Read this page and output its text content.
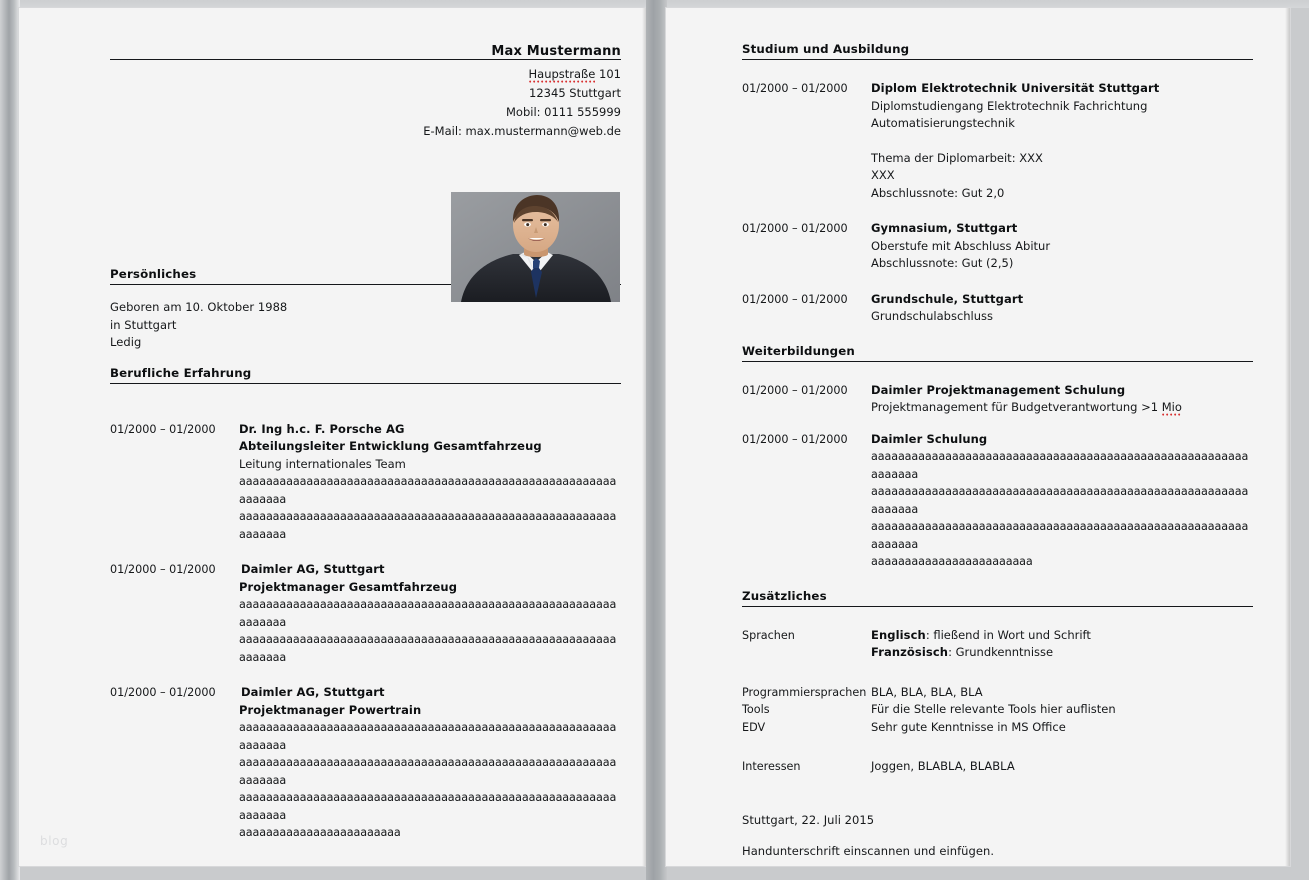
blog
Max Mustermann
Haupstraße 101
12345 Stuttgart
Mobil: 0111 555999
E-Mail: max.mustermann@web.de
Persönliches
Geboren am 10. Oktober 1988
in Stuttgart
Ledig
Berufliche Erfahrung
01/2000 – 01/2000	Dr. Ing h.c. F. Porsche AG
Abteilungsleiter Entwicklung Gesamtfahrzeug
Leitung internationales Team
aaaaaaaaaaaaaaaaaaaaaaaaaaaaaaaaaaaaaaaaaaaaaaaaaaaaaaaaaaaaaaa
aaaaaaaaaaaaaaaaaaaaaaaaaaaaaaaaaaaaaaaaaaaaaaaaaaaaaaaaaaaaaaa
01/2000 – 01/2000	Daimler AG, Stuttgart
Projektmanager Gesamtfahrzeug
aaaaaaaaaaaaaaaaaaaaaaaaaaaaaaaaaaaaaaaaaaaaaaaaaaaaaaaaaaaaaaa
aaaaaaaaaaaaaaaaaaaaaaaaaaaaaaaaaaaaaaaaaaaaaaaaaaaaaaaaaaaaaaa
01/2000 – 01/2000	Daimler AG, Stuttgart
Projektmanager Powertrain
aaaaaaaaaaaaaaaaaaaaaaaaaaaaaaaaaaaaaaaaaaaaaaaaaaaaaaaaaaaaaaa
aaaaaaaaaaaaaaaaaaaaaaaaaaaaaaaaaaaaaaaaaaaaaaaaaaaaaaaaaaaaaaa
aaaaaaaaaaaaaaaaaaaaaaaaaaaaaaaaaaaaaaaaaaaaaaaaaaaaaaaaaaaaaaa
aaaaaaaaaaaaaaaaaaaaaaaa
Studium und Ausbildung
01/2000 – 01/2000	Diplom Elektrotechnik Universität Stuttgart
Diplomstudiengang Elektrotechnik Fachrichtung Automatisierungstechnik
Thema der Diplomarbeit: XXX
XXX
Abschlussnote: Gut 2,0
01/2000 – 01/2000	Gymnasium, Stuttgart
Oberstufe mit Abschluss Abitur
Abschlussnote: Gut (2,5)
01/2000 – 01/2000	Grundschule, Stuttgart
Grundschulabschluss
Weiterbildungen
01/2000 – 01/2000	Daimler Projektmanagement Schulung
Projektmanagement für Budgetverantwortung >1 Mio
01/2000 – 01/2000	Daimler Schulung
aaaaaaaaaaaaaaaaaaaaaaaaaaaaaaaaaaaaaaaaaaaaaaaaaaaaaaaaaaaaaaa
aaaaaaaaaaaaaaaaaaaaaaaaaaaaaaaaaaaaaaaaaaaaaaaaaaaaaaaaaaaaaaa
aaaaaaaaaaaaaaaaaaaaaaaaaaaaaaaaaaaaaaaaaaaaaaaaaaaaaaaaaaaaaaa
aaaaaaaaaaaaaaaaaaaaaaaa
Zusätzliches
Sprachen	Englisch: fließend in Wort und Schrift
Französisch: Grundkenntnisse
Programmiersprachen BLA, BLA, BLA, BLA
Tools	Für die Stelle relevante Tools hier auflisten
EDV	Sehr gute Kenntnisse in MS Office
Interessen	Joggen, BLABLA, BLABLA
Stuttgart, 22. Juli 2015
Handunterschrift einscannen und einfügen.
